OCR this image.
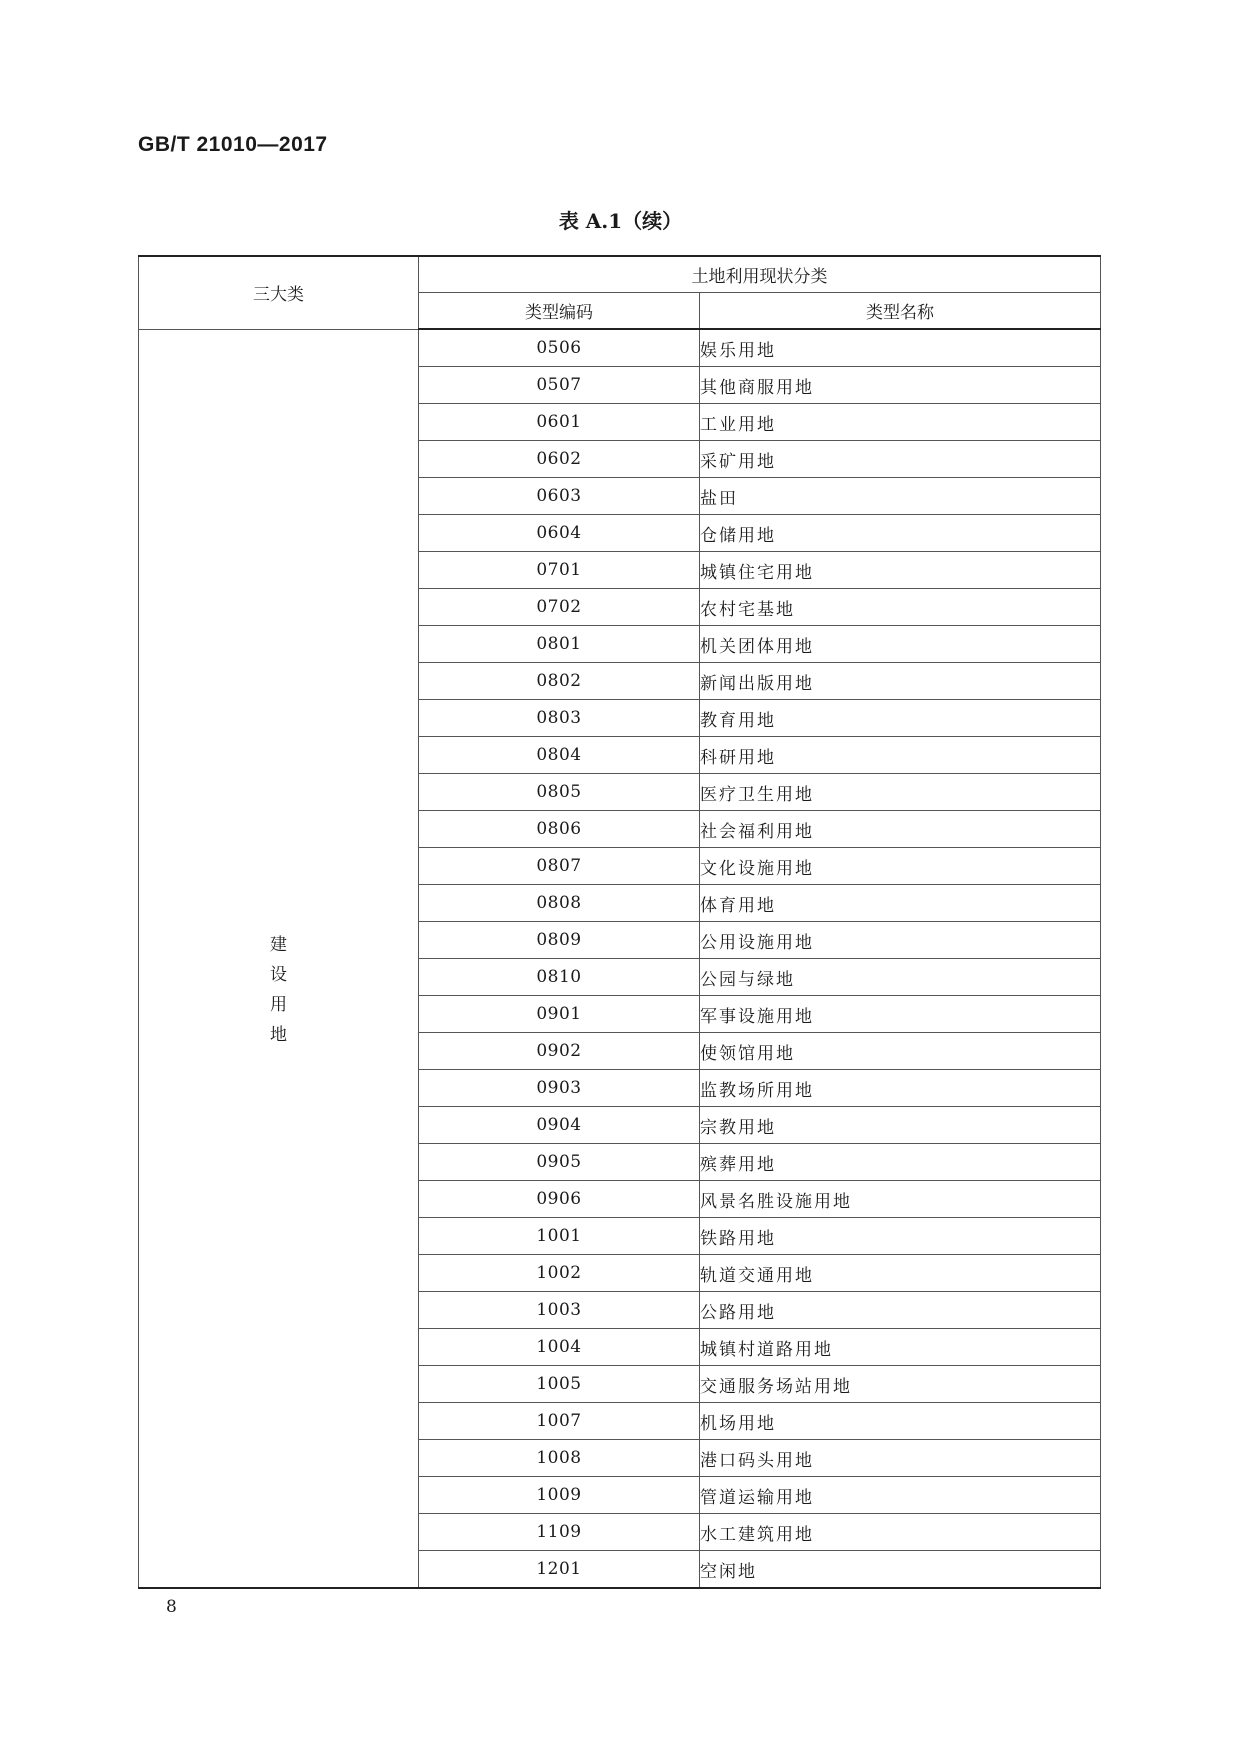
GB/T 21010—2017
表 A.1（续）
三大类	土地利用现状分类	
	类型编码	类型名称
建设用地	0506	娱乐用地
	0507	其他商服用地
	0601	工业用地
	0602	采矿用地
	0603	盐田
	0604	仓储用地
	0701	城镇住宅用地
	0702	农村宅基地
	0801	机关团体用地
	0802	新闻出版用地
	0803	教育用地
	0804	科研用地
	0805	医疗卫生用地
	0806	社会福利用地
	0807	文化设施用地
	0808	体育用地
	0809	公用设施用地
	0810	公园与绿地
	0901	军事设施用地
	0902	使领馆用地
	0903	监教场所用地
	0904	宗教用地
	0905	殡葬用地
	0906	风景名胜设施用地
	1001	铁路用地
	1002	轨道交通用地
	1003	公路用地
	1004	城镇村道路用地
	1005	交通服务场站用地
	1007	机场用地
	1008	港口码头用地
	1009	管道运输用地
	1109	水工建筑用地
	1201	空闲地
8
